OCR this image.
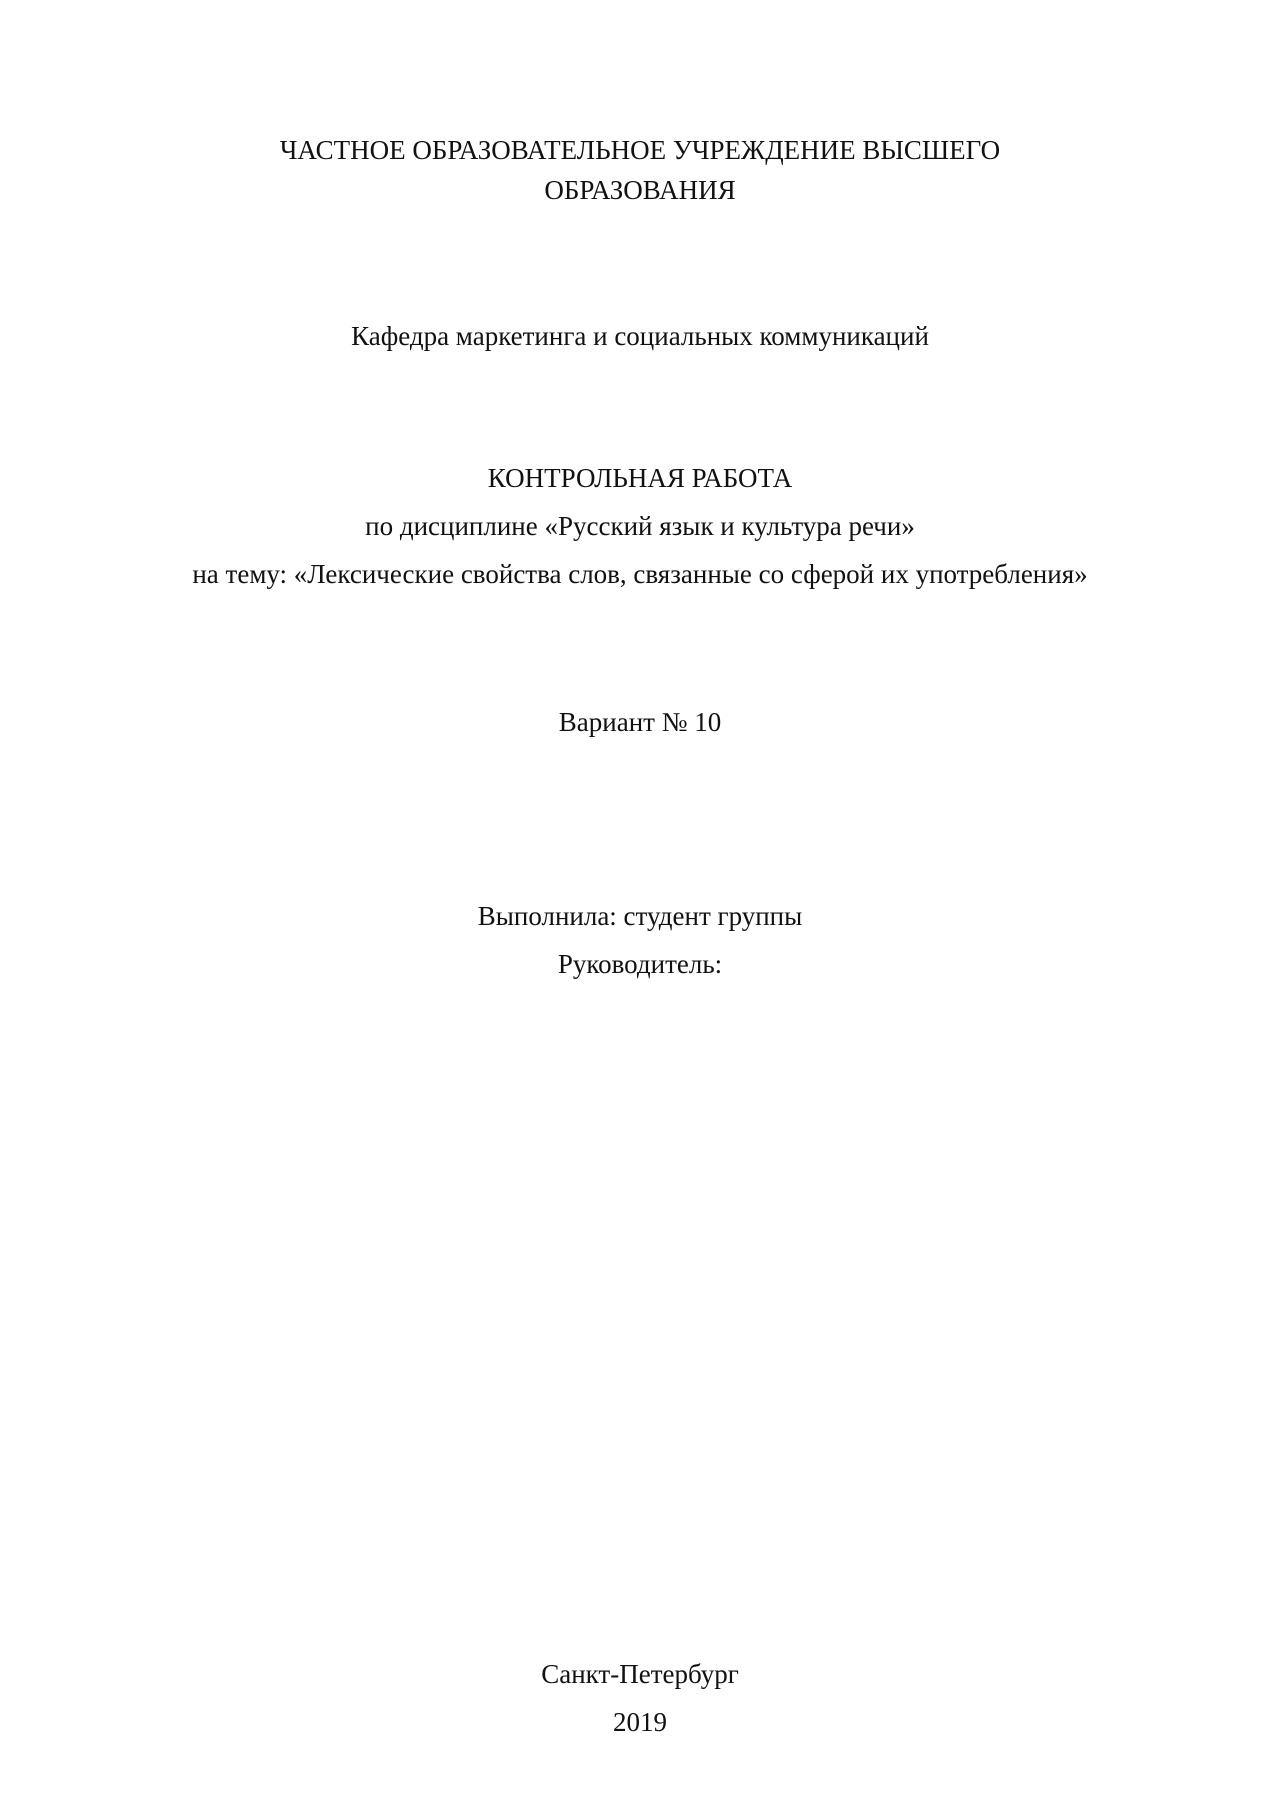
ЧАСТНОЕ ОБРАЗОВАТЕЛЬНОЕ УЧРЕЖДЕНИЕ ВЫСШЕГО
ОБРАЗОВАНИЯ
Кафедра маркетинга и социальных коммуникаций
КОНТРОЛЬНАЯ РАБОТА
по дисциплине «Русский язык и культура речи»
на тему: «Лексические свойства слов, связанные со сферой их употребления»
Вариант № 10
Выполнила: студент группы
Руководитель:
Санкт-Петербург
2019
